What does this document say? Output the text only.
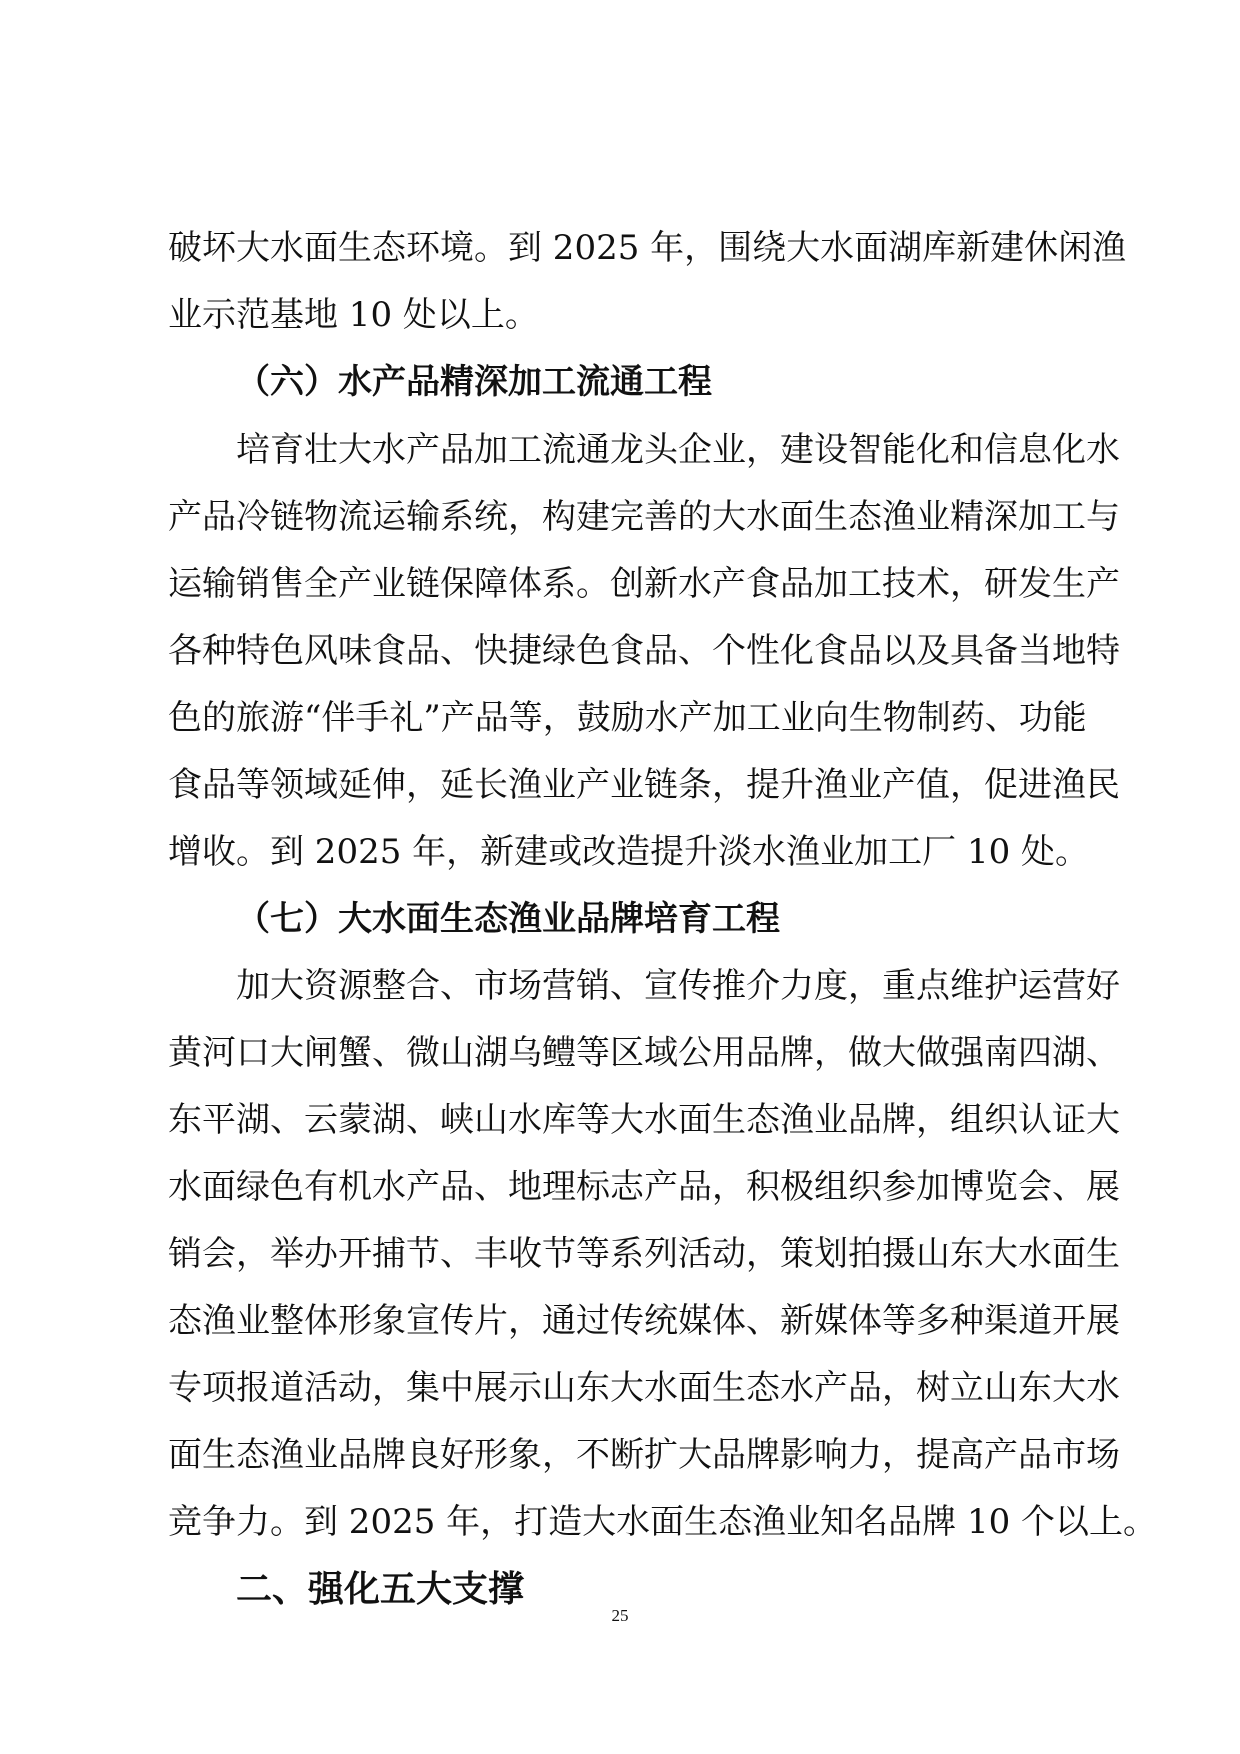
破坏大水面生态环境。到 2025 年，围绕大水面湖库新建休闲渔
业示范基地 10 处以上。
（六）水产品精深加工流通工程
培育壮大水产品加工流通龙头企业，建设智能化和信息化水
产品冷链物流运输系统，构建完善的大水面生态渔业精深加工与
运输销售全产业链保障体系。创新水产食品加工技术，研发生产
各种特色风味食品、快捷绿色食品、个性化食品以及具备当地特
色的旅游“伴手礼”产品等，鼓励水产加工业向生物制药、功能
食品等领域延伸，延长渔业产业链条，提升渔业产值，促进渔民
增收。到 2025 年，新建或改造提升淡水渔业加工厂 10 处。
（七）大水面生态渔业品牌培育工程
加大资源整合、市场营销、宣传推介力度，重点维护运营好
黄河口大闸蟹、微山湖乌鳢等区域公用品牌，做大做强南四湖、
东平湖、云蒙湖、峡山水库等大水面生态渔业品牌，组织认证大
水面绿色有机水产品、地理标志产品，积极组织参加博览会、展
销会，举办开捕节、丰收节等系列活动，策划拍摄山东大水面生
态渔业整体形象宣传片，通过传统媒体、新媒体等多种渠道开展
专项报道活动，集中展示山东大水面生态水产品，树立山东大水
面生态渔业品牌良好形象，不断扩大品牌影响力，提高产品市场
竞争力。到 2025 年，打造大水面生态渔业知名品牌 10 个以上。
二、强化五大支撑
25
